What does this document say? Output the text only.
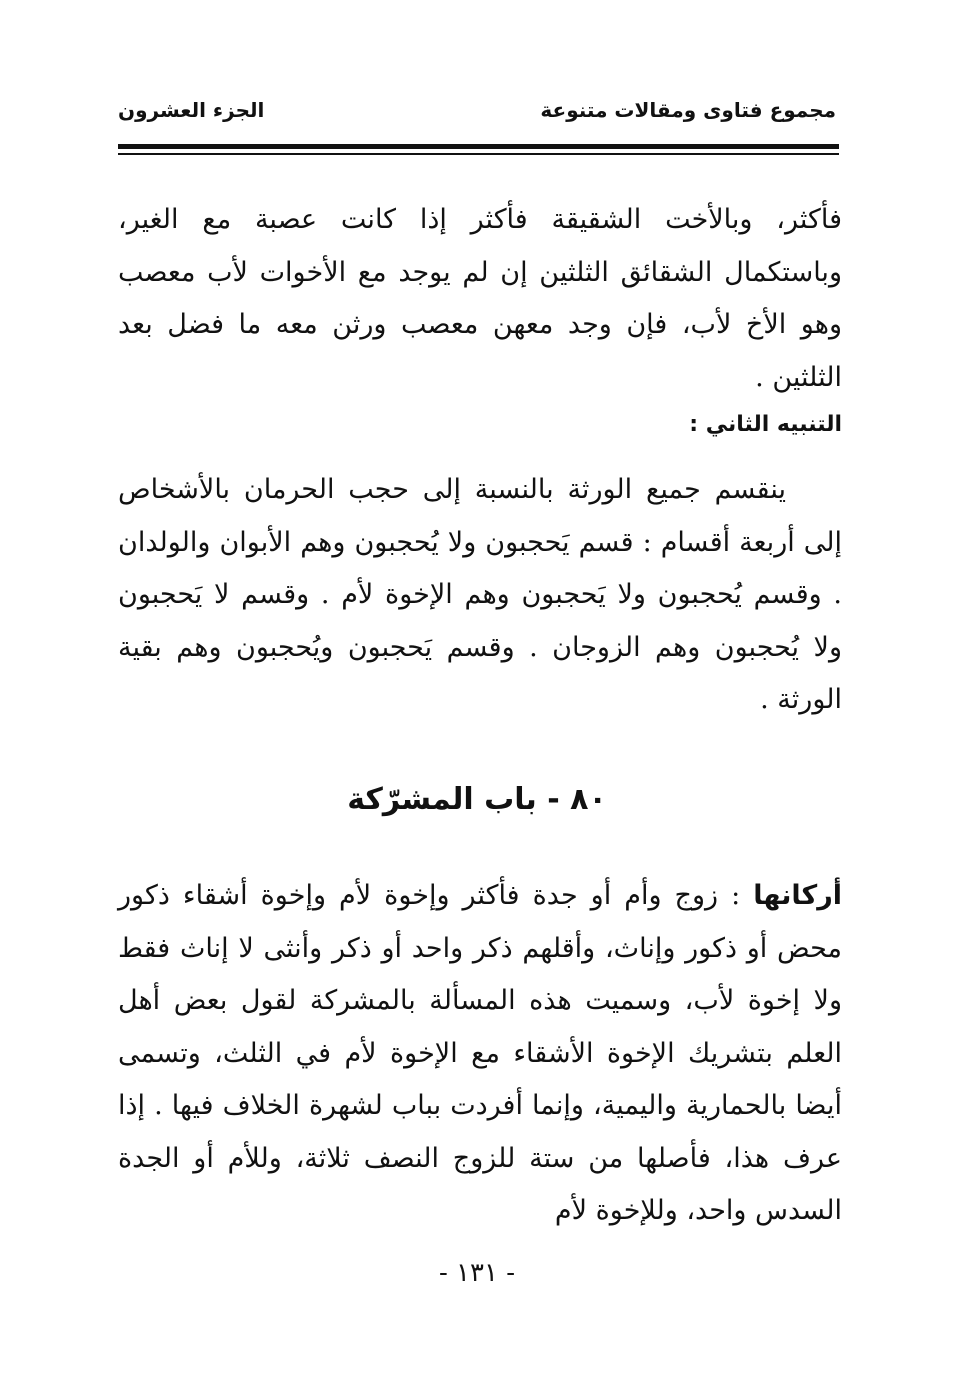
مجموع فتاوى ومقالات متنوعة
الجزء العشرون

فأكثر، وبالأخت الشقيقة فأكثر إذا كانت عصبة مع الغير، وباستكمال الشقائق الثلثين إن لم يوجد مع الأخوات لأب معصب وهو الأخ لأب، فإن وجد معهن معصب ورثن معه ما فضل بعد الثلثين .

التنبيه الثاني :

ينقسم جميع الورثة بالنسبة إلى حجب الحرمان بالأشخاص إلى أربعة أقسام : قسم يَحجبون ولا يُحجبون وهم الأبوان والولدان . وقسم يُحجبون ولا يَحجبون وهم الإخوة لأم . وقسم لا يَحجبون ولا يُحجبون وهم الزوجان . وقسم يَحجبون ويُحجبون وهم بقية الورثة .

٨٠ - باب المشرّكة

أركانها : زوج وأم أو جدة فأكثر وإخوة لأم وإخوة أشقاء ذكور محض أو ذكور وإناث، وأقلهم ذكر واحد أو ذكر وأنثى لا إناث فقط ولا إخوة لأب، وسميت هذه المسألة بالمشركة لقول بعض أهل العلم بتشريك الإخوة الأشقاء مع الإخوة لأم في الثلث، وتسمى أيضا بالحمارية واليمية، وإنما أفردت بباب لشهرة الخلاف فيها . إذا عرف هذا، فأصلها من ستة للزوج النصف ثلاثة، وللأم أو الجدة السدس واحد، وللإخوة لأم

- ١٣١ -
